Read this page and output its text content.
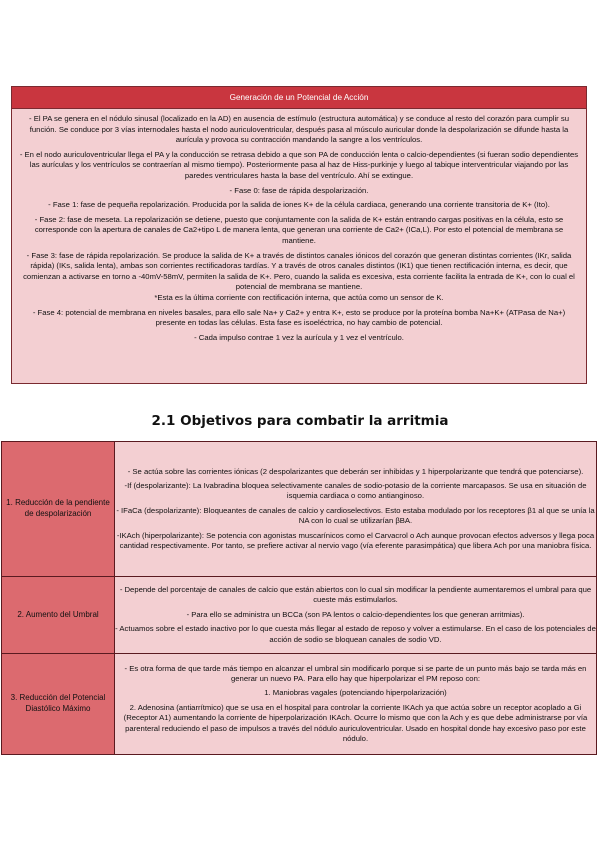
Generación de un Potencial de Acción

- El PA se genera en el nódulo sinusal (localizado en la AD) en ausencia de estímulo (estructura automática) y se conduce al resto del corazón para cumplir su función. Se conduce por 3 vías internodales hasta el nodo auriculoventricular, después pasa al músculo auricular donde la despolarización se difunde hasta la aurícula y provoca su contracción mandando la sangre a los ventrículos.

- En el nodo auriculoventricular llega el PA y la conducción se retrasa debido a que son PA de conducción lenta o calcio-dependientes (si fueran sodio dependientes las aurículas y los ventrículos se contraerían al mismo tiempo). Posteriormente pasa al haz de Hiss-purkinje y luego al tabique interventricular viajando por las paredes ventriculares hasta la base del ventrículo. Ahí se extingue.

- Fase 0: fase de rápida despolarización.

- Fase 1: fase de pequeña repolarización. Producida por la salida de iones K+ de la célula cardiaca, generando una corriente transitoria de K+ (Ito).

- Fase 2: fase de meseta. La repolarización se detiene, puesto que conjuntamente con la salida de K+ están entrando cargas positivas en la célula, esto se corresponde con la apertura de canales de Ca2+tipo L de manera lenta, que generan una corriente de Ca2+ (ICa,L). Por esto el potencial de membrana se mantiene.

- Fase 3: fase de rápida repolarización. Se produce la salida de K+ a través de distintos canales iónicos del corazón que generan distintas corrientes (IKr, salida rápida) (IKs, salida lenta), ambas son corrientes rectificadoras tardías. Y a través de otros canales distintos (IK1) que tienen rectificación interna, es decir, que comienzan a activarse en torno a -40mV-58mV, permiten la salida de K+. Pero, cuando la salida es excesiva, esta corriente facilita la entrada de K+, con lo cual el potencial de membrana se mantiene.

*Esta es la última corriente con rectificación interna, que actúa como un sensor de K.

- Fase 4: potencial de membrana en niveles basales, para ello sale Na+ y Ca2+ y entra K+, esto se produce por la proteína bomba Na+K+ (ATPasa de Na+) presente en todas las células. Esta fase es isoeléctrica, no hay cambio de potencial.

- Cada impulso contrae 1 vez la aurícula y 1 vez el ventrículo.

2.1 Objetivos para combatir la arritmia
1. Reducción de la pendiente de despolarización	- Se actúa sobre las corrientes iónicas (2 despolarizantes que deberán ser inhibidas y 1 hiperpolarizante que tendrá que potenciarse).

-If (despolarizante): La Ivabradina bloquea selectivamente canales de sodio-potasio de la corriente marcapasos. Se usa en situación de isquemia cardiaca o como antianginoso.

- IFaCa (despolarizante): Bloqueantes de canales de calcio y cardioselectivos. Esto estaba modulado por los receptores β1 al que se unía la NA con lo cual se utilizarían βBA.

-IKAch (hiperpolarizante): Se potencia con agonistas muscarínicos como el Carvacrol o Ach aunque provocan efectos adversos y llega poca cantidad respectivamente. Por tanto, se prefiere activar al nervio vago (vía eferente parasimpática) que libera Ach por una maniobra física.

2. Aumento del Umbral	- Depende del porcentaje de canales de calcio que están abiertos con lo cual sin modificar la pendiente aumentaremos el umbral para que cueste más estimularlos.

- Para ello se administra un BCCa (son PA lentos o calcio-dependientes los que generan arritmias).

- Actuamos sobre el estado inactivo por lo que cuesta más llegar al estado de reposo y volver a estimularse. En el caso de los potenciales de acción de sodio se bloquean canales de sodio VD.

3. Reducción del Potencial Diastólico Máximo	- Es otra forma de que tarde más tiempo en alcanzar el umbral sin modificarlo porque si se parte de un punto más bajo se tarda más en generar un nuevo PA. Para ello hay que hiperpolarizar el PM reposo con:

1. Maniobras vagales (potenciando hiperpolarización)

2. Adenosina (antiarrítmico) que se usa en el hospital para controlar la corriente IKAch ya que actúa sobre un receptor acoplado a Gi (Receptor A1) aumentando la corriente de hiperpolarización IKAch. Ocurre lo mismo que con la Ach y es que debe administrarse por vía parenteral reduciendo el paso de impulsos a través del nódulo auriculoventricular. Usado en hospital donde hay excesivo paso por este nódulo.
